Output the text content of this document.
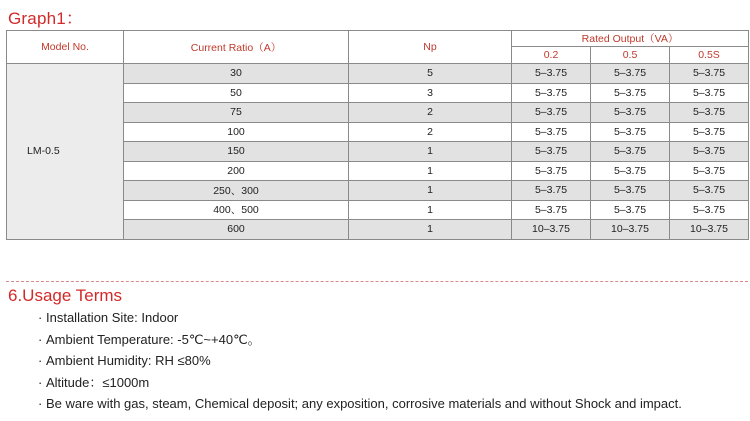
Graph1：
Model No.	Current Ratio（A）	Np	Rated Output（VA）		
			0.2	0.5	0.5S
LM-0.5	30	5	5–3.75	5–3.75	5–3.75
	50	3	5–3.75	5–3.75	5–3.75
	75	2	5–3.75	5–3.75	5–3.75
	100	2	5–3.75	5–3.75	5–3.75
	150	1	5–3.75	5–3.75	5–3.75
	200	1	5–3.75	5–3.75	5–3.75
	250、300	1	5–3.75	5–3.75	5–3.75
	400、500	1	5–3.75	5–3.75	5–3.75
	600	1	10–3.75	10–3.75	10–3.75
6.Usage Terms
· Installation Site: Indoor
· Ambient Temperature: -5℃~+40℃。
· Ambient Humidity: RH ≤80%
· Altitude：≤1000m
· Be ware with gas, steam, Chemical deposit; any exposition, corrosive materials and without Shock and impact.
